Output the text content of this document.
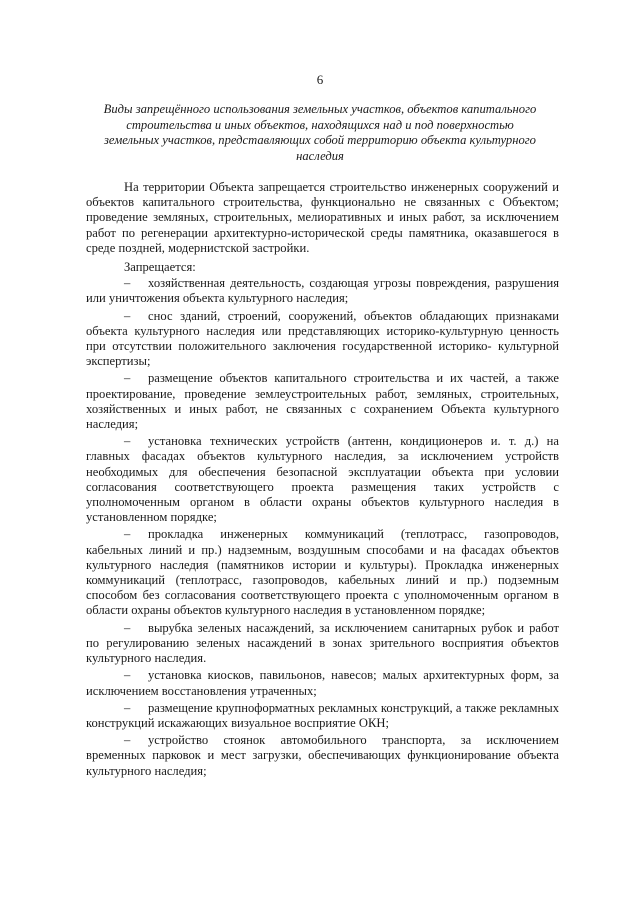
6
Виды запрещённого использования земельных участков, объектов капитального строительства и иных объектов, находящихся над и под поверхностью земельных участков, представляющих собой территорию объекта культурного наследия

На территории Объекта запрещается строительство инженерных сооружений и объектов капитального строительства, функционально не связанных с Объектом; проведение земляных, строительных, мелиоративных и иных работ, за исключением работ по регенерации архитектурно-исторической среды памятника, оказавшегося в среде поздней, модернистской застройки.

Запрещается:

– хозяйственная деятельность, создающая угрозы повреждения, разрушения или уничтожения объекта культурного наследия;

– снос зданий, строений, сооружений, объектов обладающих признаками объекта культурного наследия или представляющих историко-культурную ценность при отсутствии положительного заключения государственной историко- культурной экспертизы;

– размещение объектов капитального строительства и их частей, а также проектирование, проведение землеустроительных работ, земляных, строительных, хозяйственных и иных работ, не связанных с сохранением Объекта культурного наследия;

– установка технических устройств (антенн, кондиционеров и. т. д.) на главных фасадах объектов культурного наследия, за исключением устройств необходимых для обеспечения безопасной эксплуатации объекта при условии согласования соответствующего проекта размещения таких устройств с уполномоченным органом в области охраны объектов культурного наследия в установленном порядке;

– прокладка инженерных коммуникаций (теплотрасс, газопроводов, кабельных линий и пр.) надземным, воздушным способами и на фасадах объектов культурного наследия (памятников истории и культуры). Прокладка инженерных коммуникаций (теплотрасс, газопроводов, кабельных линий и пр.) подземным способом без согласования соответствующего проекта с уполномоченным органом в области охраны объектов культурного наследия в установленном порядке;

– вырубка зеленых насаждений, за исключением санитарных рубок и работ по регулированию зеленых насаждений в зонах зрительного восприятия объектов культурного наследия.

– установка киосков, павильонов, навесов; малых архитектурных форм, за исключением восстановления утраченных;

– размещение крупноформатных рекламных конструкций, а также рекламных конструкций искажающих визуальное восприятие ОКН;

– устройство стоянок автомобильного транспорта, за исключением временных парковок и мест загрузки, обеспечивающих функционирование объекта культурного наследия;
